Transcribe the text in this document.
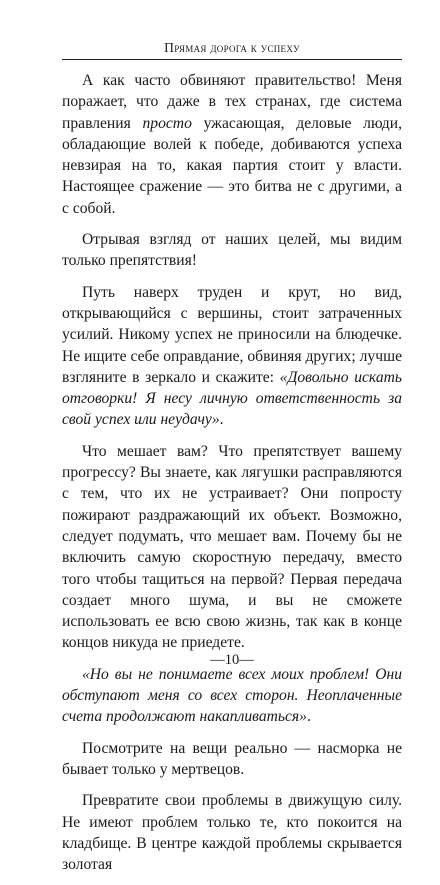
Прямая дорога к успеху

А как часто обвиняют правительство! Меня поражает, что даже в тех странах, где система правления просто ужасающая, деловые люди, обладающие волей к победе, добиваются успеха невзирая на то, какая партия стоит у власти. Настоящее сражение — это битва не с другими, а с собой.

Отрывая взгляд от наших целей, мы видим только препятствия!

Путь наверх труден и крут, но вид, открывающийся с вершины, стоит затраченных усилий. Никому успех не приносили на блюдечке. Не ищите себе оправдание, обвиняя других; лучше взгляните в зеркало и скажите: «Довольно искать отговорки! Я несу личную ответственность за свой успех или неудачу».

Что мешает вам? Что препятствует вашему прогрессу? Вы знаете, как лягушки расправляются с тем, что их не устраивает? Они попросту пожирают раздражающий их объект. Возможно, следует подумать, что мешает вам. Почему бы не включить самую скоростную передачу, вместо того чтобы тащиться на первой? Первая передача создает много шума, и вы не сможете использовать ее всю свою жизнь, так как в конце концов никуда не приедете.

«Но вы не понимаете всех моих проблем! Они обступают меня со всех сторон. Неоплаченные счета продолжают накапливаться».

Посмотрите на вещи реально — насморка не бывает только у мертвецов.

Превратите свои проблемы в движущую силу. Не имеют проблем только те, кто покоится на кладбище. В центре каждой проблемы скрывается золотая

—10—
